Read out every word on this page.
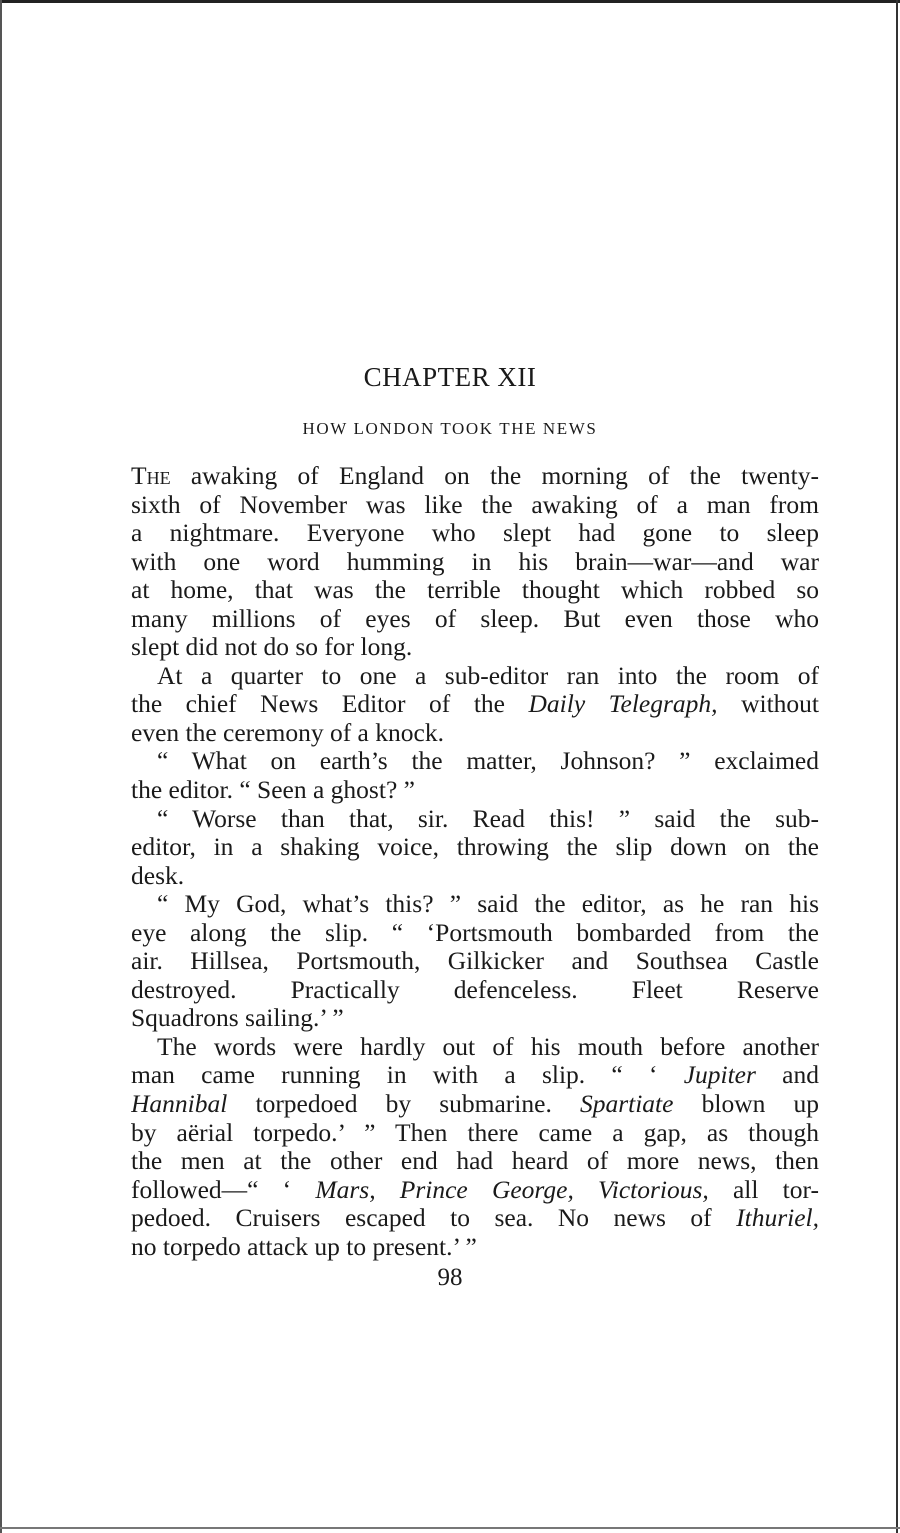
CHAPTER XII
HOW LONDON TOOK THE NEWS
The awaking of England on the morning of the twenty-
sixth of November was like the awaking of a man from
a nightmare. Everyone who slept had gone to sleep
with one word humming in his brain—war—and war
at home, that was the terrible thought which robbed so
many millions of eyes of sleep. But even those who
slept did not do so for long.
At a quarter to one a sub-editor ran into the room of
the chief News Editor of the Daily Telegraph, without
even the ceremony of a knock.
“ What on earth’s the matter, Johnson? ” exclaimed
the editor. “ Seen a ghost? ”
“ Worse than that, sir. Read this! ” said the sub-
editor, in a shaking voice, throwing the slip down on the
desk.
“ My God, what’s this? ” said the editor, as he ran his
eye along the slip. “ ‘Portsmouth bombarded from the
air. Hillsea, Portsmouth, Gilkicker and Southsea Castle
destroyed. Practically defenceless. Fleet Reserve
Squadrons sailing.’ ”
The words were hardly out of his mouth before another
man came running in with a slip. “ ‘ Jupiter and
Hannibal torpedoed by submarine. Spartiate blown up
by aërial torpedo.’ ” Then there came a gap, as though
the men at the other end had heard of more news, then
followed—“ ‘ Mars, Prince George, Victorious, all tor-
pedoed. Cruisers escaped to sea. No news of Ithuriel,
no torpedo attack up to present.’ ”
98
